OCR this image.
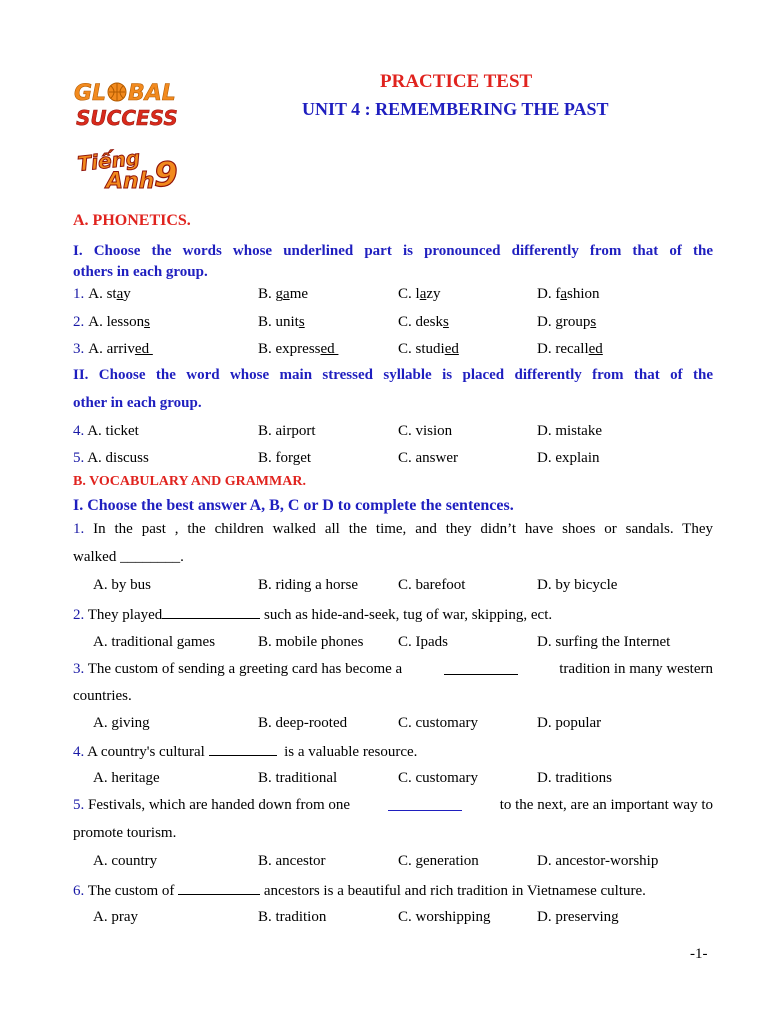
GL BAL
SUCCESS
Tiếng
Anh 9
PRACTICE TEST
UNIT 4 : REMEMBERING THE PAST
A. PHONETICS.
I. Choose the words whose underlined part is pronounced differently from that of the
others in each group.
1. A. stay	B. game	C. lazy	D. fashion
2. A. lessons	B. units	C. desks	D. groups
3. A. arrived	B. expressed	C. studied	D. recalled
II. Choose the word whose main stressed syllable is placed differently from that of the
other in each group.
4. A. ticket	B. airport	C. vision	D. mistake
5. A. discuss	B. forget	C. answer	D. explain
B. VOCABULARY AND GRAMMAR.
I. Choose the best answer A, B, C or D to complete the sentences.
1. In the past , the children walked all the time, and they didn’t have shoes or sandals. They
walked ________.
A. by bus	B. riding a horse	C. barefoot	D. by bicycle
2. They played	such as hide-and-seek, tug of war, skipping, ect.
A. traditional games	B. mobile phones C. Ipads	D. surfing the Internet
3. The custom of sending a greeting card has become a	tradition in many western
countries.
A. giving	B. deep-rooted	C. customary	D. popular
4. A country's cultural	is a valuable resource.
A. heritage	B. traditional	C. customary	D. traditions
5. Festivals, which are handed down from one	to the next, are an important way to
promote tourism.
A. country	B. ancestor	C. generation	D. ancestor-worship
6. The custom of	ancestors is a beautiful and rich tradition in Vietnamese culture.
A. pray	B. tradition	C. worshipping	D. preserving
-1-
